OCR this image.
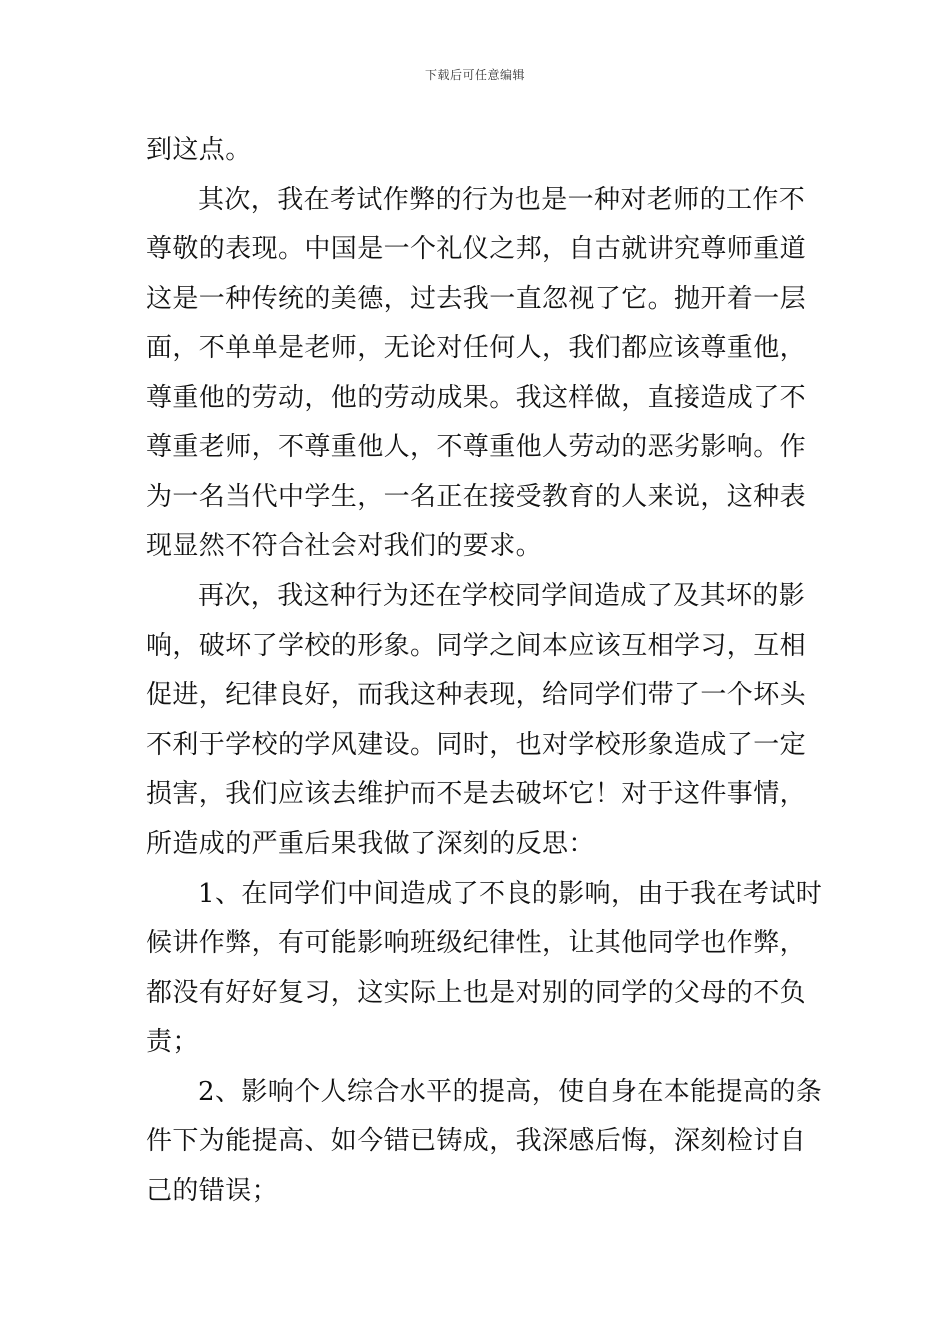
下载后可任意编辑
到这点。
其次，我在考试作弊的行为也是一种对老师的工作不
尊敬的表现。中国是一个礼仪之邦，自古就讲究尊师重道
这是一种传统的美德，过去我一直忽视了它。抛开着一层
面，不单单是老师，无论对任何人，我们都应该尊重他，
尊重他的劳动，他的劳动成果。我这样做，直接造成了不
尊重老师，不尊重他人，不尊重他人劳动的恶劣影响。作
为一名当代中学生，一名正在接受教育的人来说，这种表
现显然不符合社会对我们的要求。
再次，我这种行为还在学校同学间造成了及其坏的影
响，破坏了学校的形象。同学之间本应该互相学习，互相
促进，纪律良好，而我这种表现，给同学们带了一个坏头
不利于学校的学风建设。同时，也对学校形象造成了一定
损害，我们应该去维护而不是去破坏它！对于这件事情，
所造成的严重后果我做了深刻的反思：
1、在同学们中间造成了不良的影响，由于我在考试时
候讲作弊，有可能影响班级纪律性，让其他同学也作弊，
都没有好好复习，这实际上也是对别的同学的父母的不负
责；
2、影响个人综合水平的提高，使自身在本能提高的条
件下为能提高、如今错已铸成，我深感后悔，深刻检讨自
己的错误；
